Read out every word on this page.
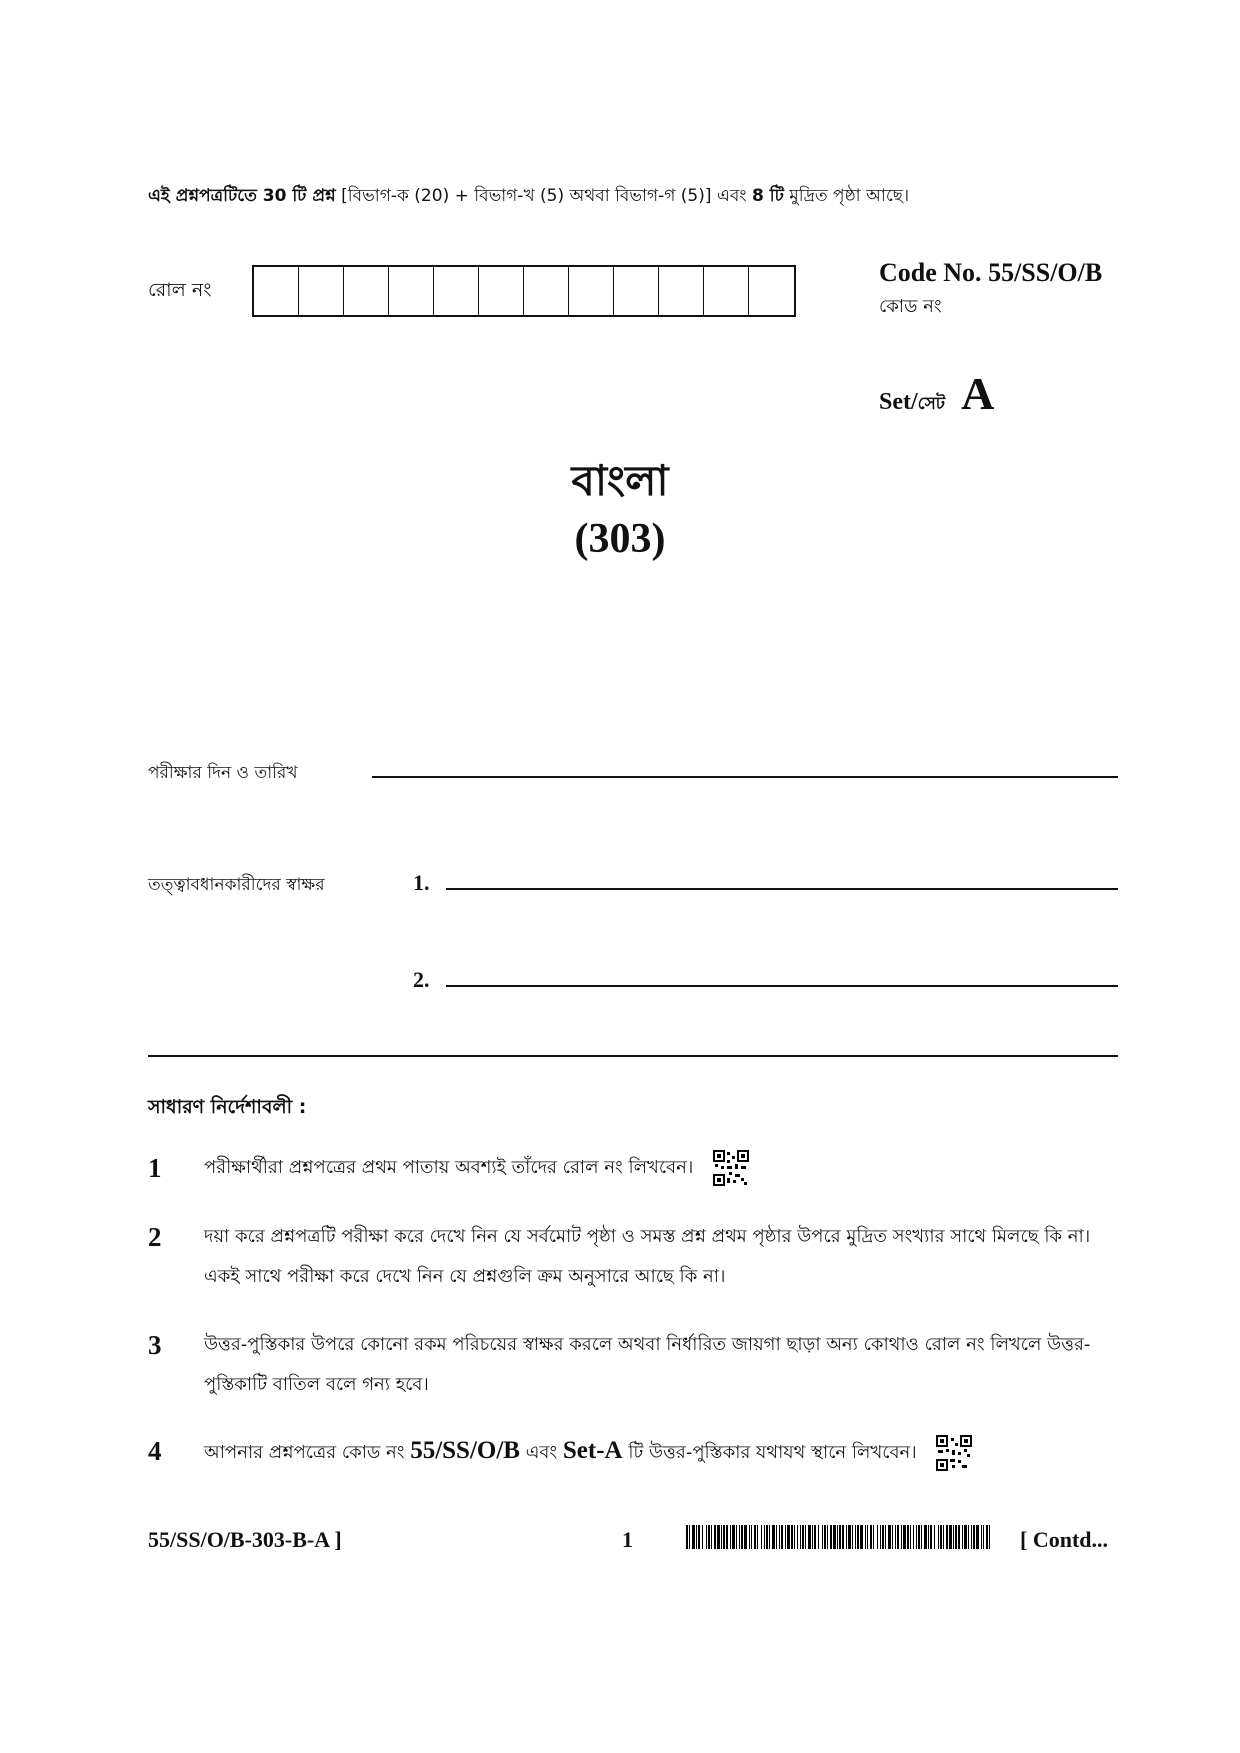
এই প্রশ্নপত্রটিতে 30 টি প্রশ্ন [বিভাগ-ক (20) + বিভাগ-খ (5) অথবা বিভাগ-গ (5)] এবং 8 টি মুদ্রিত পৃষ্ঠা আছে।
রোল নং
Code No. 55/SS/O/B
কোড নং
Set/ সেট A
বাংলা
(303)
পরীক্ষার দিন ও তারিখ
তত্ত্বাবধানকারীদের স্বাক্ষর	1.
2.
সাধারণ নির্দেশাবলী :
1	পরীক্ষার্থীরা প্রশ্নপত্রের প্রথম পাতায় অবশ্যই তাঁদের রোল নং লিখবেন।
2	দয়া করে প্রশ্নপত্রটি পরীক্ষা করে দেখে নিন যে সর্বমোট পৃষ্ঠা ও সমস্ত প্রশ্ন প্রথম পৃষ্ঠার উপরে মুদ্রিত সংখ্যার সাথে মিলছে কি না। একই সাথে পরীক্ষা করে দেখে নিন যে প্রশ্নগুলি ক্রম অনুসারে আছে কি না।
3	উত্তর-পুস্তিকার উপরে কোনো রকম পরিচয়ের স্বাক্ষর করলে অথবা নির্ধারিত জায়গা ছাড়া অন্য কোথাও রোল নং লিখলে উত্তর-পুস্তিকাটি বাতিল বলে গন্য হবে।
4	আপনার প্রশ্নপত্রের কোড নং 55/SS/O/B এবং Set-A টি উত্তর-পুস্তিকার যথাযথ স্থানে লিখবেন।
55/SS/O/B-303-B-A ]	1	[ Contd...
